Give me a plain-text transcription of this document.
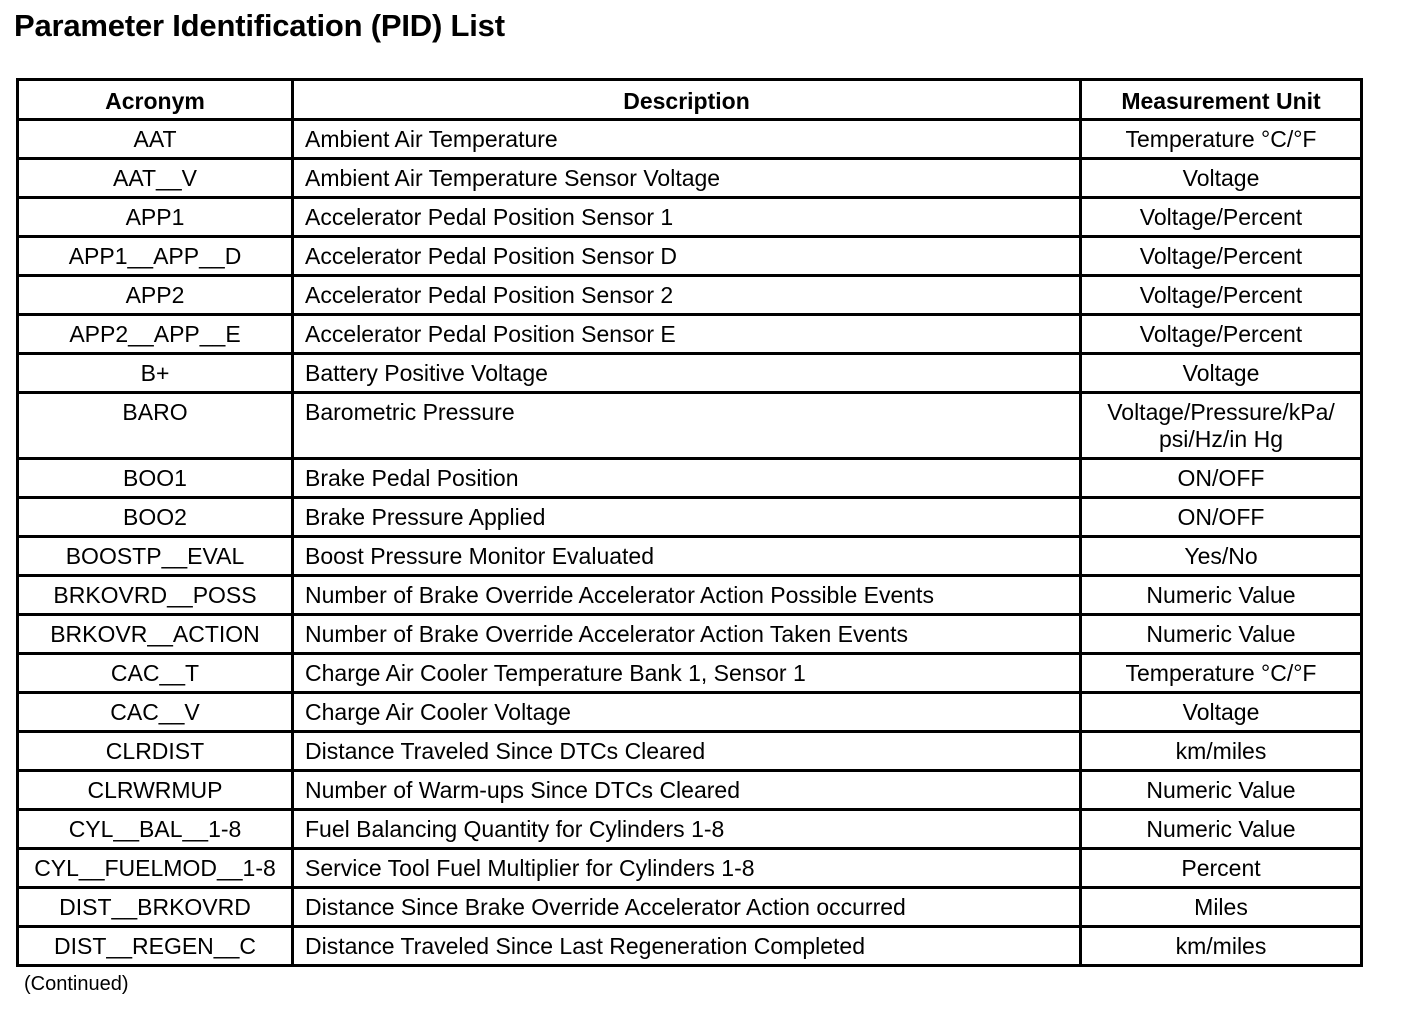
Parameter Identification (PID) List
Acronym	Description	Measurement Unit
AAT	Ambient Air Temperature	Temperature °C/°F
AAT__V	Ambient Air Temperature Sensor Voltage	Voltage
APP1	Accelerator Pedal Position Sensor 1	Voltage/Percent
APP1__APP__D	Accelerator Pedal Position Sensor D	Voltage/Percent
APP2	Accelerator Pedal Position Sensor 2	Voltage/Percent
APP2__APP__E	Accelerator Pedal Position Sensor E	Voltage/Percent
B+	Battery Positive Voltage	Voltage
BARO	Barometric Pressure	Voltage/Pressure/kPa/ psi/Hz/in Hg
BOO1	Brake Pedal Position	ON/OFF
BOO2	Brake Pressure Applied	ON/OFF
BOOSTP__EVAL	Boost Pressure Monitor Evaluated	Yes/No
BRKOVRD__POSS	Number of Brake Override Accelerator Action Possible Events	Numeric Value
BRKOVR__ACTION	Number of Brake Override Accelerator Action Taken Events	Numeric Value
CAC__T	Charge Air Cooler Temperature Bank 1, Sensor 1	Temperature °C/°F
CAC__V	Charge Air Cooler Voltage	Voltage
CLRDIST	Distance Traveled Since DTCs Cleared	km/miles
CLRWRMUP	Number of Warm-ups Since DTCs Cleared	Numeric Value
CYL__BAL__1-8	Fuel Balancing Quantity for Cylinders 1-8	Numeric Value
CYL__FUELMOD__1-8	Service Tool Fuel Multiplier for Cylinders 1-8	Percent
DIST__BRKOVRD	Distance Since Brake Override Accelerator Action occurred	Miles
DIST__REGEN__C	Distance Traveled Since Last Regeneration Completed	km/miles
(Continued)
